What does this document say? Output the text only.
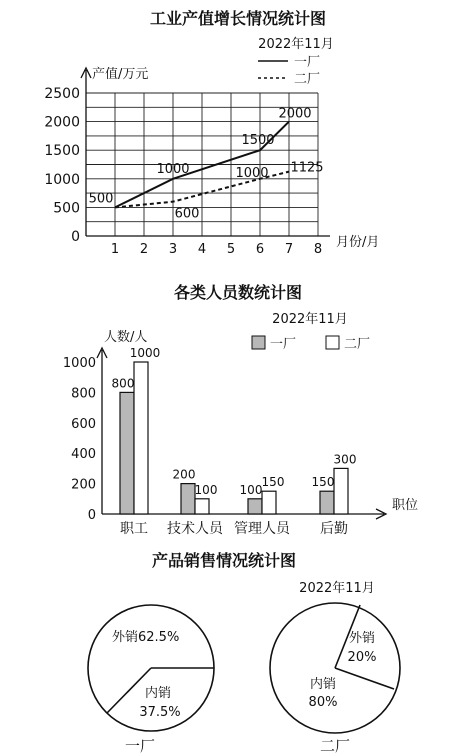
工业产值增长情况统计图
2022年11月
产值/万元
月份/月
一厂
二厂
0
500
1000
1500
2000
2500
1 2 3 4 5 6 7 8
500
1000
1500
2000
600
1000 1125
各类人员数统计图
2022年11月
人数/人
职位
一厂	二厂
0
200
400
600
800
1000
800
1000
200
100 100
150 150
300
职工 技术人员 管理人员 后勤
产品销售情况统计图
2022年11月
外销62.5%
内销
37.5%
一厂
外销
20%
内销
80%
二厂
